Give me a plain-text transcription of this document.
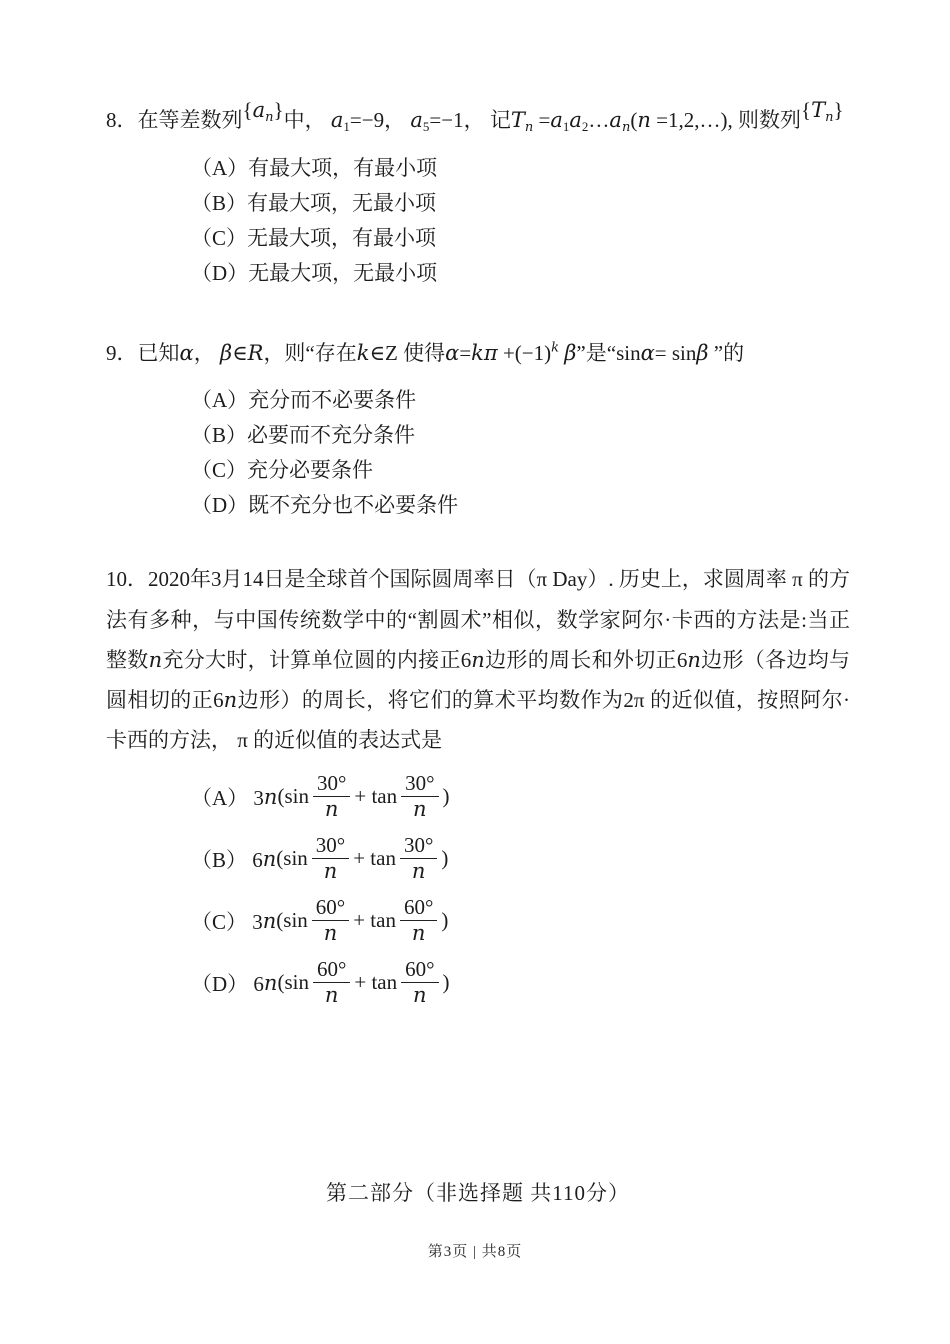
8．在等差数列$\{a_n\}$中， $a_1=-9$， $a_5=-1$， 记$T_n$ $=a_1a_2\dots a_n(n$ =1,2,…), 则数列$\{T_n\}$
（A）有最大项，有最小项
（B）有最大项，无最小项
（C）无最大项，有最小项
（D）无最大项，无最小项
9．已知α， β∈R，则“存在k∈Z 使得$\alpha=k\pi +(-1)^k$ β”是“sinα= sinβ ”的
（A）充分而不必要条件
（B）必要而不充分条件
（C）充分必要条件
（D）既不充分也不必要条件
10．2020年3月14日是全球首个国际圆周率日（π Day）. 历史上，求圆周率 π 的方法有多种，与中国传统数学中的“割圆术”相似，数学家阿尔·卡西的方法是:当正整数n充分大时，计算单位圆的内接正6n边形的周长和外切正6n边形（各边均与圆相切的正6n边形）的周长，将它们的算术平均数作为2π 的近似值，按照阿尔·卡西的方法， π 的近似值的表达式是
（A） 3 n ($\sin \frac{30^\circ}{n} + \tan \frac{30^\circ}{n}$ )
（B） 6 n ($\sin \frac{30^\circ}{n} + \tan \frac{30^\circ}{n}$ )
（C） 3 n ($\sin \frac{60^\circ}{n} + \tan \frac{60^\circ}{n}$ )
（D） 6 n ($\sin \frac{60^\circ}{n} + \tan \frac{60^\circ}{n}$ )
第二部分（非选择题 共110分）
第3页 | 共8页
